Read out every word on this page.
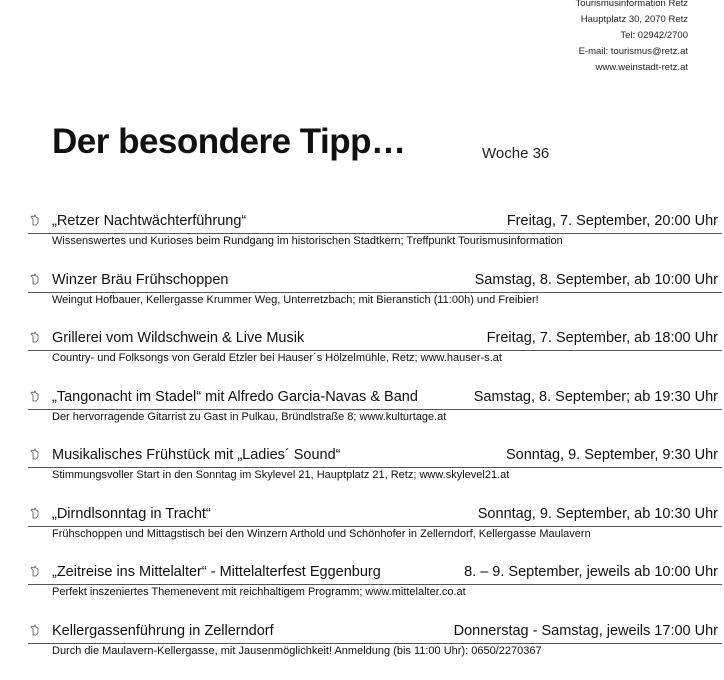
Tourismusinformation Retz
Hauptplatz 30, 2070 Retz
Tel: 02942/2700
E-mail: tourismus@retz.at
www.weinstadt-retz.at
Der besondere Tipp…	Woche 36
„Retzer Nachtwächterführung“	Freitag, 7. September, 20:00 Uhr
Wissenswertes und Kurioses beim Rundgang im historischen Stadtkern; Treffpunkt Tourismusinformation
Winzer Bräu Frühschoppen	Samstag, 8. September, ab 10:00 Uhr
Weingut Hofbauer, Kellergasse Krummer Weg, Unterretzbach; mit Bieranstich (11:00h) und Freibier!
Grillerei vom Wildschwein & Live Musik	Freitag, 7. September, ab 18:00 Uhr
Country- und Folksongs von Gerald Etzler bei Hauser´s Hölzelmühle, Retz; www.hauser-s.at
„Tangonacht im Stadel“ mit Alfredo Garcia-Navas & Band	Samstag, 8. September; ab 19:30 Uhr
Der hervorragende Gitarrist zu Gast in Pulkau, Bründlstraße 8; www.kulturtage.at
Musikalisches Frühstück mit „Ladies´ Sound“	Sonntag, 9. September, 9:30 Uhr
Stimmungsvoller Start in den Sonntag im Skylevel 21, Hauptplatz 21, Retz; www.skylevel21.at
„Dirndlsonntag in Tracht“	Sonntag, 9. September, ab 10:30 Uhr
Frühschoppen und Mittagstisch bei den Winzern Arthold und Schönhofer in Zellerndorf, Kellergasse Maulavern
„Zeitreise ins Mittelalter“ - Mittelalterfest Eggenburg	8. – 9. September, jeweils ab 10:00 Uhr
Perfekt inszeniertes Themenevent mit reichhaltigem Programm; www.mittelalter.co.at
Kellergassenführung in Zellerndorf	Donnerstag - Samstag, jeweils 17:00 Uhr
Durch die Maulavern-Kellergasse, mit Jausenmöglichkeit! Anmeldung (bis 11:00 Uhr): 0650/2270367
